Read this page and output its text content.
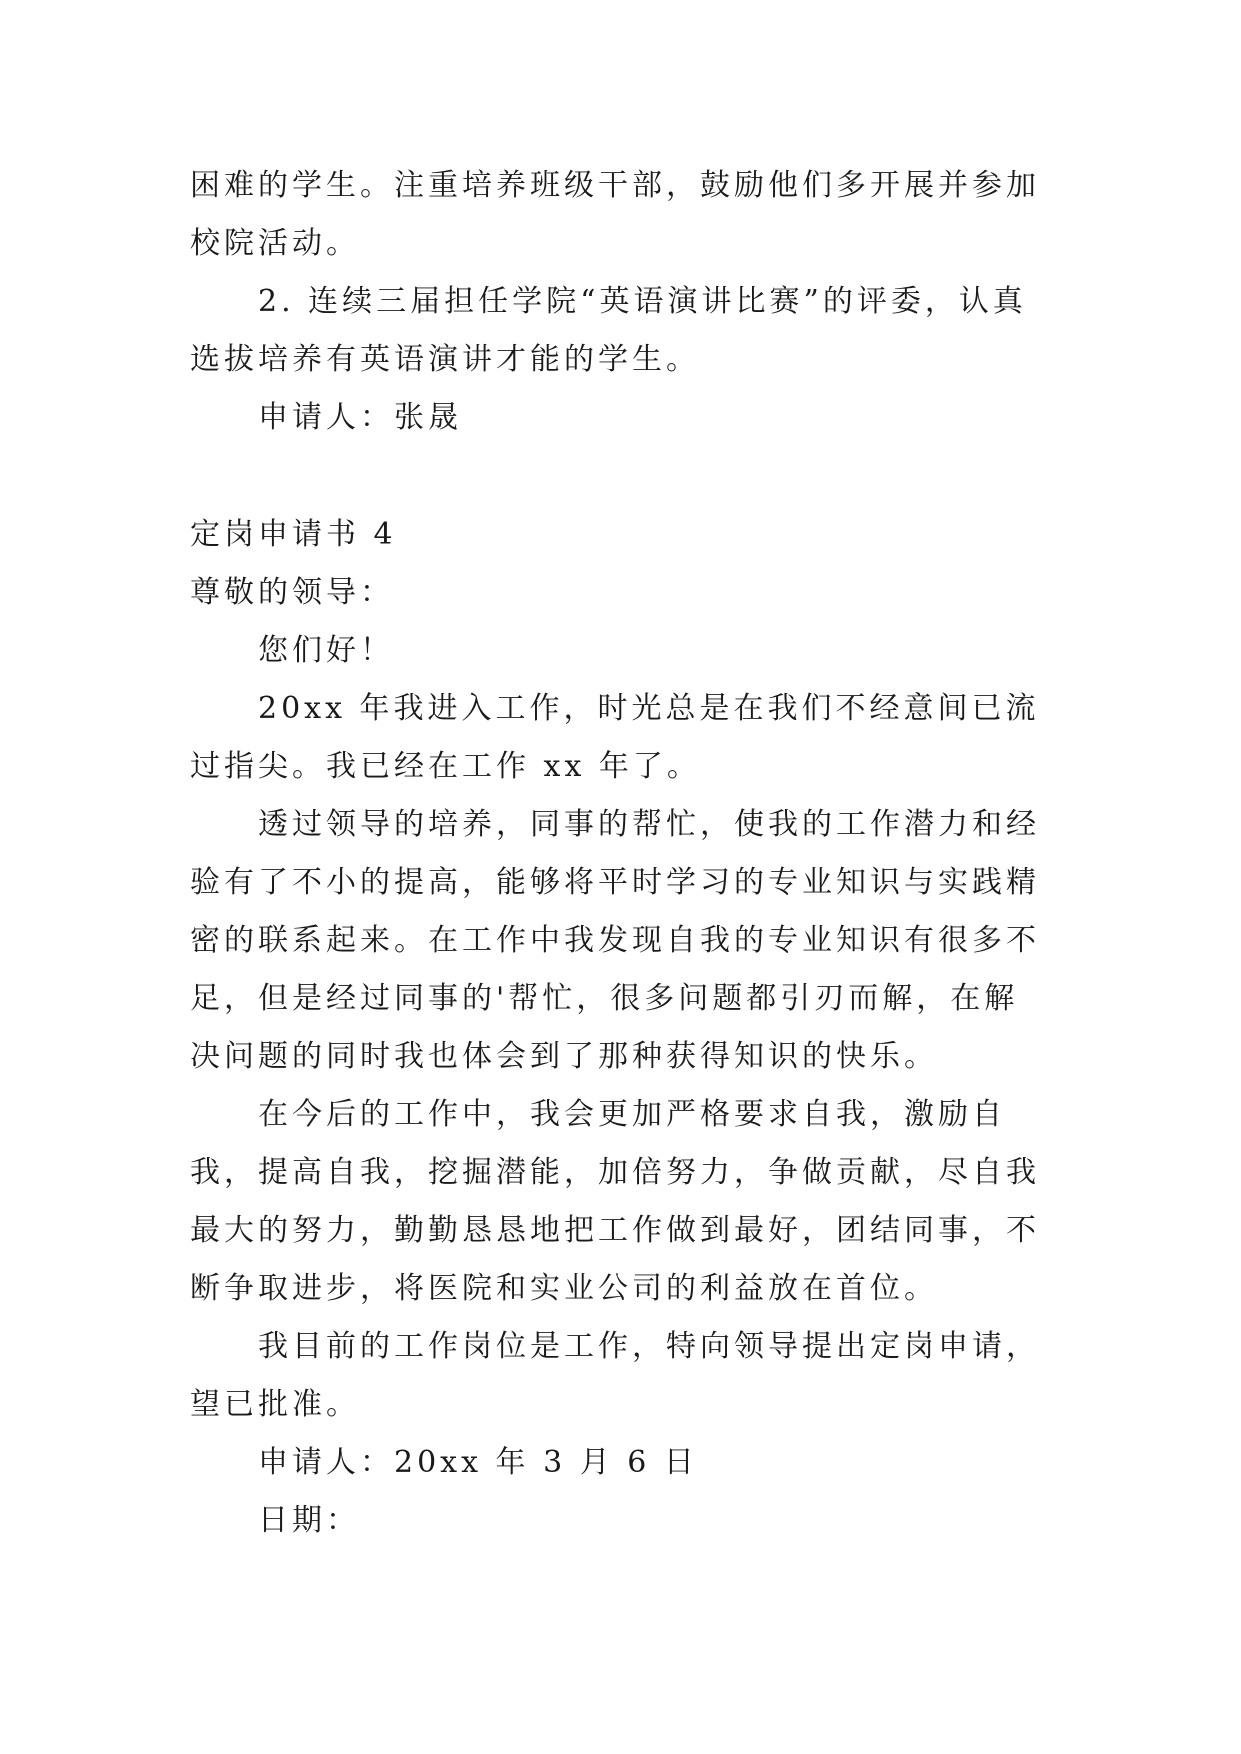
困难的学生。注重培养班级干部，鼓励他们多开展并参加校院活动。

2. 连续三届担任学院“英语演讲比赛”的评委，认真选拔培养有英语演讲才能的学生。

申请人：张晟

定岗申请书 4

尊敬的领导：

您们好！

20xx 年我进入工作，时光总是在我们不经意间已流过指尖。我已经在工作 xx 年了。

透过领导的培养，同事的帮忙，使我的工作潜力和经验有了不小的提高，能够将平时学习的专业知识与实践精密的联系起来。在工作中我发现自我的专业知识有很多不足，但是经过同事的'帮忙，很多问题都引刃而解，在解决问题的同时我也体会到了那种获得知识的快乐。

在今后的工作中，我会更加严格要求自我，激励自我，提高自我，挖掘潜能，加倍努力，争做贡献，尽自我最大的努力，勤勤恳恳地把工作做到最好，团结同事，不断争取进步，将医院和实业公司的利益放在首位。

我目前的工作岗位是工作，特向领导提出定岗申请，望已批准。

申请人：20xx 年 3 月 6 日

日期：
